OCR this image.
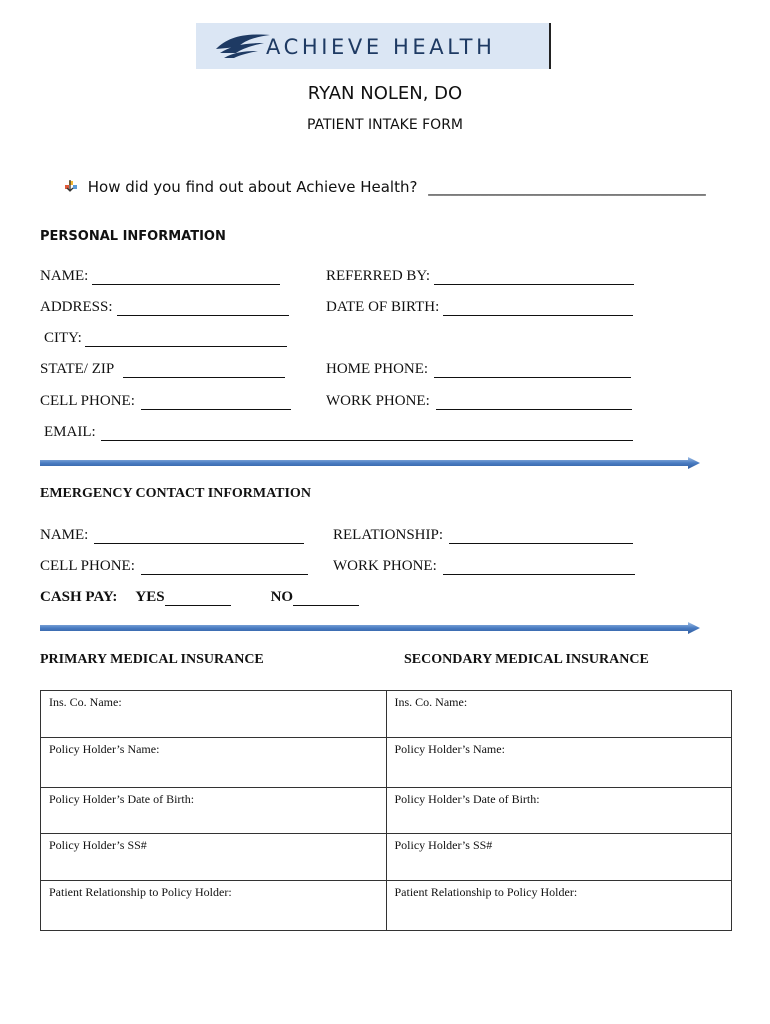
ACHIEVE HEALTH
RYAN NOLEN, DO
PATIENT INTAKE FORM
How did you find out about Achieve Health? _____________________________________
PERSONAL INFORMATION
NAME:	REFERRED BY:
ADDRESS:	DATE OF BIRTH:
CITY:
STATE/ ZIP	HOME PHONE:
CELL PHONE:	WORK PHONE:
EMAIL:
EMERGENCY CONTACT INFORMATION
NAME:	RELATIONSHIP:
CELL PHONE:	WORK PHONE:
CASH PAY: YES	NO
PRIMARY MEDICAL INSURANCE	SECONDARY MEDICAL INSURANCE
Ins. Co. Name:	Ins. Co. Name:
Policy Holder’s Name:	Policy Holder’s Name:
Policy Holder’s Date of Birth:	Policy Holder’s Date of Birth:
Policy Holder’s SS#	Policy Holder’s SS#
Patient Relationship to Policy Holder:	Patient Relationship to Policy Holder:
